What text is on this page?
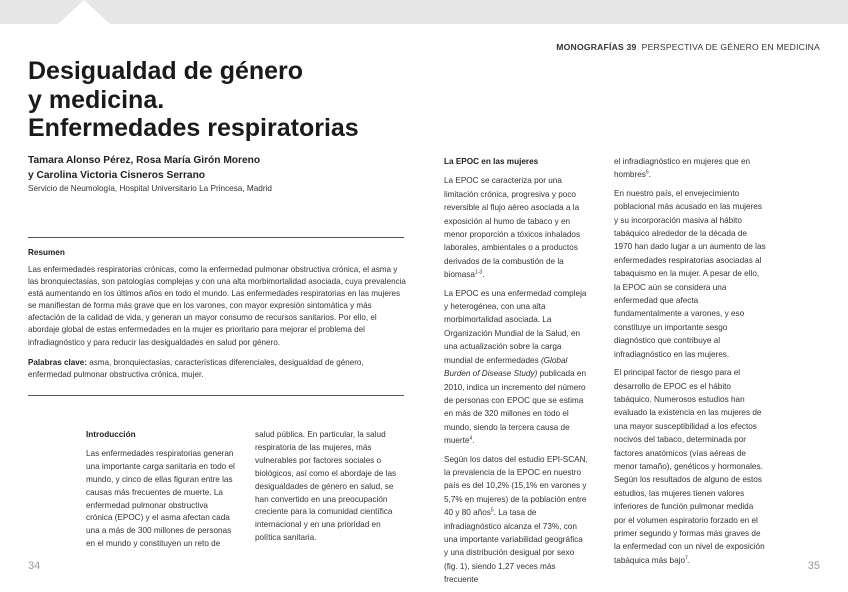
MONOGRAFÍAS 39 PERSPECTIVA DE GÉNERO EN MEDICINA
Desigualdad de género
y medicina.
Enfermedades respiratorias
Tamara Alonso Pérez, Rosa María Girón Moreno
y Carolina Victoria Cisneros Serrano
Servicio de Neumología, Hospital Universitario La Princesa, Madrid
Resumen
Las enfermedades respiratorias crónicas, como la enfermedad pulmonar obstructiva crónica, el asma y las bronquiectasias, son patologías complejas y con una alta morbimortalidad asociada, cuya prevalencia está aumentando en los últimos años en todo el mundo. Las enfermedades respiratorias en las mujeres se manifiestan de forma más grave que en los varones, con mayor expresión sintomática y más afectación de la calidad de vida, y generan un mayor consumo de recursos sanitarios. Por ello, el abordaje global de estas enfermedades en la mujer es prioritario para mejorar el problema del infradiagnóstico y para reducir las desigualdades en salud por género.
Palabras clave: asma, bronquiectasias, características diferenciales, desigualdad de género, enfermedad pulmonar obstructiva crónica, mujer.
Introducción

Las enfermedades respiratorias generan una importante carga sanitaria en todo el mundo, y cinco de ellas figuran entre las causas más frecuentes de muerte. La enfermedad pulmonar obstructiva crónica (EPOC) y el asma afectan cada una a más de 300 millones de personas en el mundo y constituyen un reto de

salud pública. En particular, la salud respiratoria de las mujeres, más vulnerables por factores sociales o biológicos, así como el abordaje de las desigualdades de género en salud, se han convertido en una preocupación creciente para la comunidad científica internacional y en una prioridad en política sanitaria.

La EPOC en las mujeres

La EPOC se caracteriza por una limitación crónica, progresiva y poco reversible al flujo aéreo asociada a la exposición al humo de tabaco y en menor proporción a tóxicos inhalados laborales, ambientales o a productos derivados de la combustión de la biomasa$^{1-3}$.

La EPOC es una enfermedad compleja y heterogénea, con una alta morbimortalidad asociada. La Organización Mundial de la Salud, en una actualización sobre la carga mundial de enfermedades (Global Burden of Disease Study) publicada en 2010, indica un incremento del número de personas con EPOC que se estima en más de 320 millones en todo el mundo, siendo la tercera causa de muerte$^4$.

Según los datos del estudio EPI-SCAN, la prevalencia de la EPOC en nuestro país es del 10,2% (15,1% en varones y 5,7% en mujeres) de la población entre 40 y 80 años$^5$. La tasa de infradiagnóstico alcanza el 73%, con una importante variabilidad geográfica y una distribución desigual por sexo (fig. 1), siendo 1,27 veces más frecuente

el infradiagnóstico en mujeres que en hombres$^6$.

En nuestro país, el envejecimiento poblacional más acusado en las mujeres y su incorporación masiva al hábito tabáquico alrededor de la década de 1970 han dado lugar a un aumento de las enfermedades respiratorias asociadas al tabaquismo en la mujer. A pesar de ello, la EPOC aún se considera una enfermedad que afecta fundamentalmente a varones, y eso constituye un importante sesgo diagnóstico que contribuye al infradiagnóstico en las mujeres.

El principal factor de riesgo para el desarrollo de EPOC es el hábito tabáquico. Numerosos estudios han evaluado la existencia en las mujeres de una mayor susceptibilidad a los efectos nocivos del tabaco, determinada por factores anatómicos (vías aéreas de menor tamaño), genéticos y hormonales. Según los resultados de alguno de estos estudios, las mujeres tienen valores inferiores de función pulmonar medida por el volumen espiratorio forzado en el primer segundo y formas más graves de la enfermedad con un nivel de exposición tabáquica más bajo$^7$.

34	35
